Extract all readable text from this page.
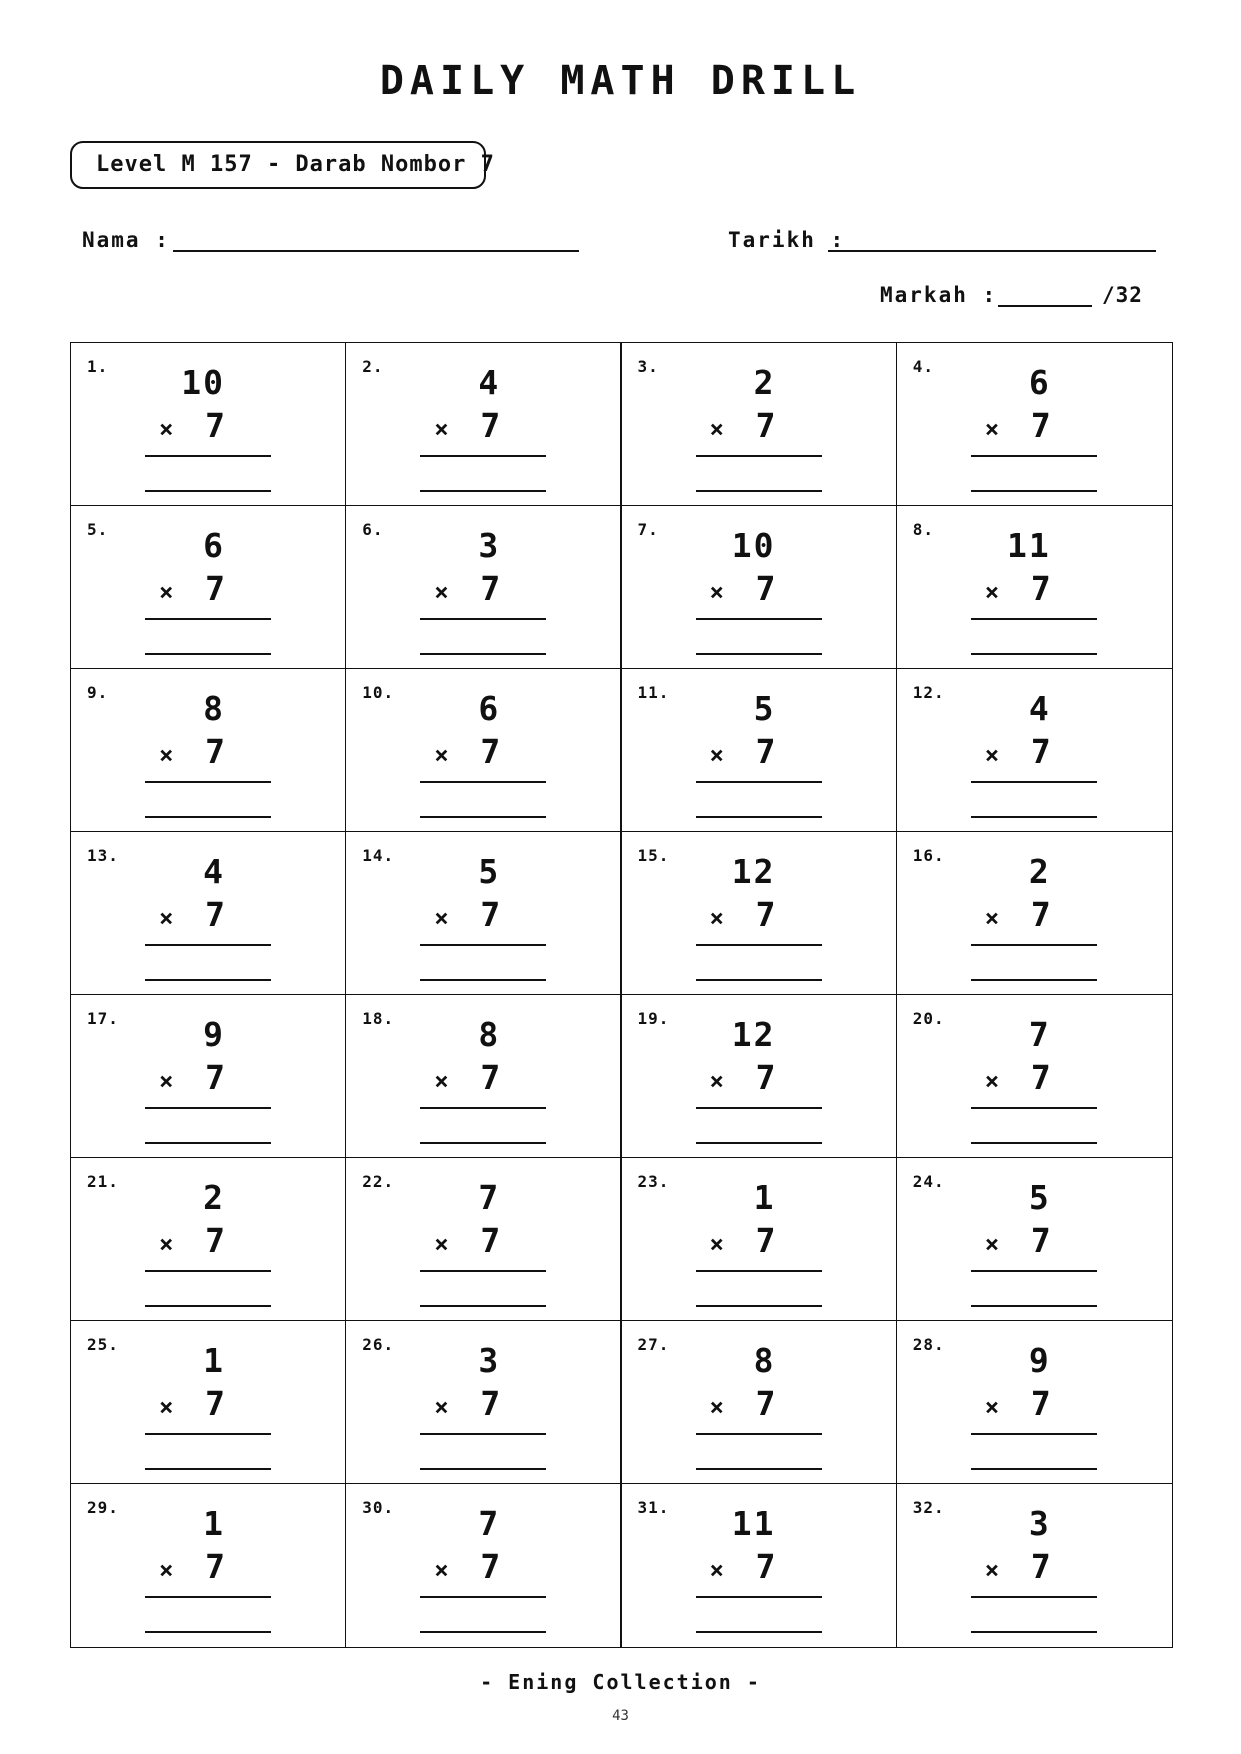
DAILY MATH DRILL
Level M 157 - Darab Nombor 7
Nama :	Tarikh :
Markah :	/32
1.	10
× 7
2.	4
× 7
3.	2
× 7
4.	6
× 7
5.	6
× 7
6.	3
× 7
7.	10
× 7
8.	11
× 7
9.	8
× 7
10.	6
× 7
11.	5
× 7
12.	4
× 7
13.	4
× 7
14.	5
× 7
15.	12
× 7
16.	2
× 7
17.	9
× 7
18.	8
× 7
19.	12
× 7
20.	7
× 7
21.	2
× 7
22.	7
× 7
23.	1
× 7
24.	5
× 7
25.	1
× 7
26.	3
× 7
27.	8
× 7
28.	9
× 7
29.	1
× 7
30.	7
× 7
31.	11
× 7
32.	3
× 7
- Ening Collection -
43
